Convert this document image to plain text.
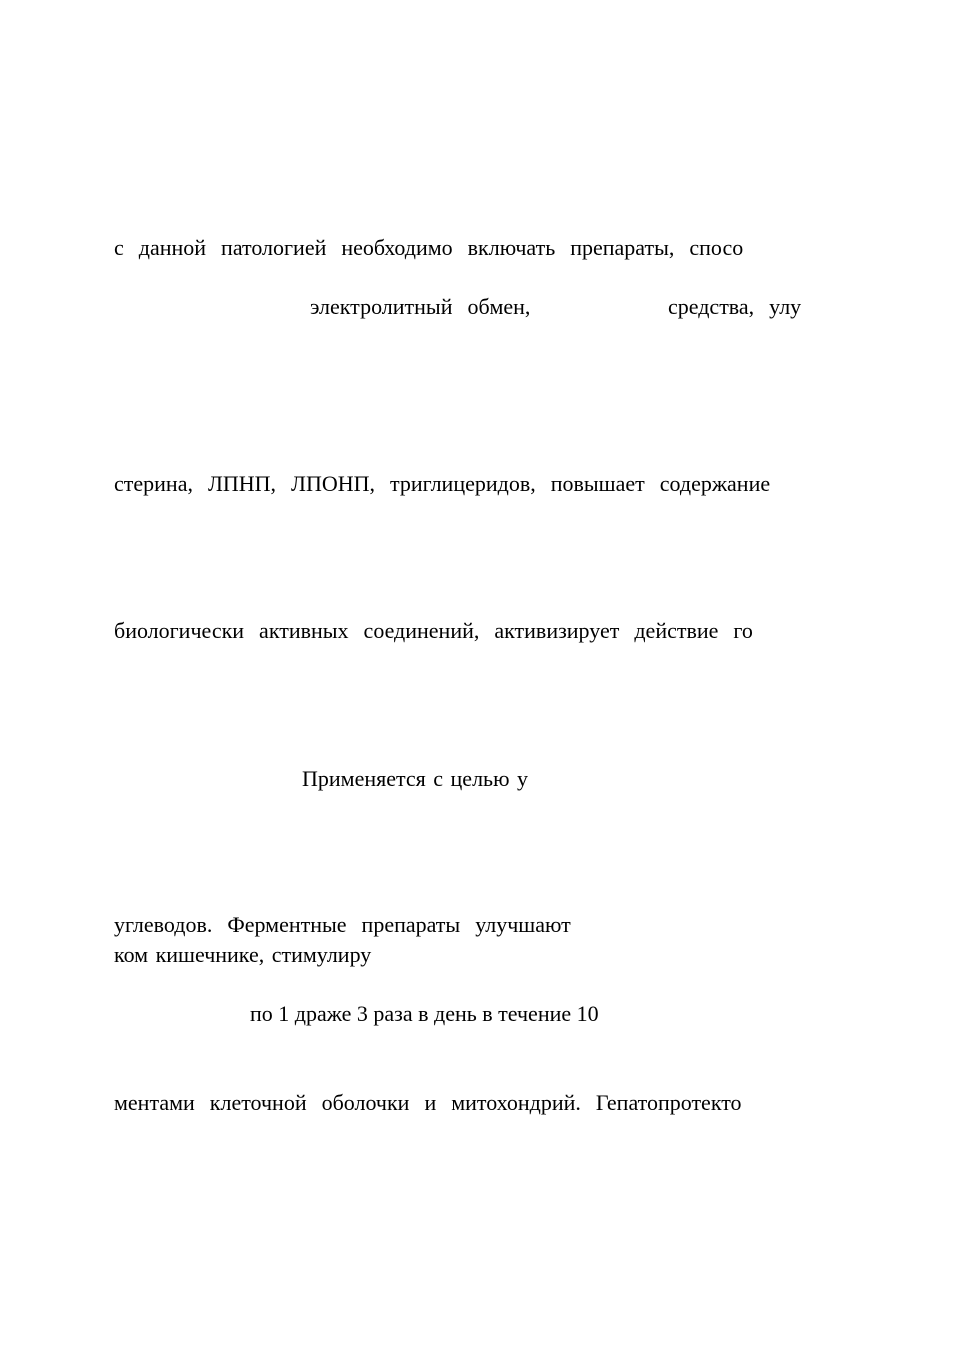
с  данной  патологией  необходимо  включать  препараты,  спосо
электролитный  обмен,	средства,  улу
стерина,  ЛПНП,  ЛПОНП,  триглицеридов,  повышает  содержание
биологически  активных  соединений,  активизирует  действие  го
Применяется с целью у
углеводов.  Ферментные  препараты  улучшают
ком кишечнике, стимулиру
по 1 драже 3 раза в день в течение 10
ментами  клеточной  оболочки  и  митохондрий.  Гепатопротекто
